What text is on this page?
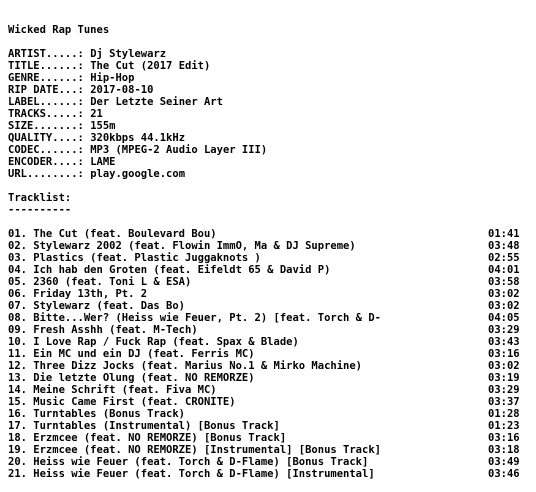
Wicked Rap Tunes
ARTIST.....: Dj Stylewarz
TITLE......: The Cut (2017 Edit)
GENRE......: Hip-Hop
RIP DATE...: 2017-08-10
LABEL......: Der Letzte Seiner Art
TRACKS.....: 21
SIZE.......: 155m
QUALITY....: 320kbps 44.1kHz
CODEC......: MP3 (MPEG-2 Audio Layer III)
ENCODER....: LAME
URL........: play.google.com
Tracklist:
----------
01. The Cut (feat. Boulevard Bou)	01:41
02. Stylewarz 2002 (feat. Flowin ImmO, Ma & DJ Supreme)	03:48
03. Plastics (feat. Plastic Juggaknots )	02:55
04. Ich hab den Groten (feat. Eifeldt 65 & David P)	04:01
05. 2360 (feat. Toni L & ESA)	03:58
06. Friday 13th, Pt. 2	03:02
07. Stylewarz (feat. Das Bo)	03:02
08. Bitte...Wer? (Heiss wie Feuer, Pt. 2) [feat. Torch & D-	04:05
09. Fresh Asshh (feat. M-Tech)	03:29
10. I Love Rap / Fuck Rap (feat. Spax & Blade)	03:43
11. Ein MC und ein DJ (feat. Ferris MC)	03:16
12. Three Dizz Jocks (feat. Marius No.1 & Mirko Machine)	03:02
13. Die letzte Olung (feat. NO REMORZE)	03:19
14. Meine Schrift (feat. Fiva MC)	03:29
15. Music Came First (feat. CRONITE)	03:37
16. Turntables (Bonus Track)	01:28
17. Turntables (Instrumental) [Bonus Track]	01:23
18. Erzmcee (feat. NO REMORZE) [Bonus Track]	03:16
19. Erzmcee (feat. NO REMORZE) [Instrumental] [Bonus Track]	03:18
20. Heiss wie Feuer (feat. Torch & D-Flame) [Bonus Track]	03:49
21. Heiss wie Feuer (feat. Torch & D-Flame) [Instrumental]	03:46
